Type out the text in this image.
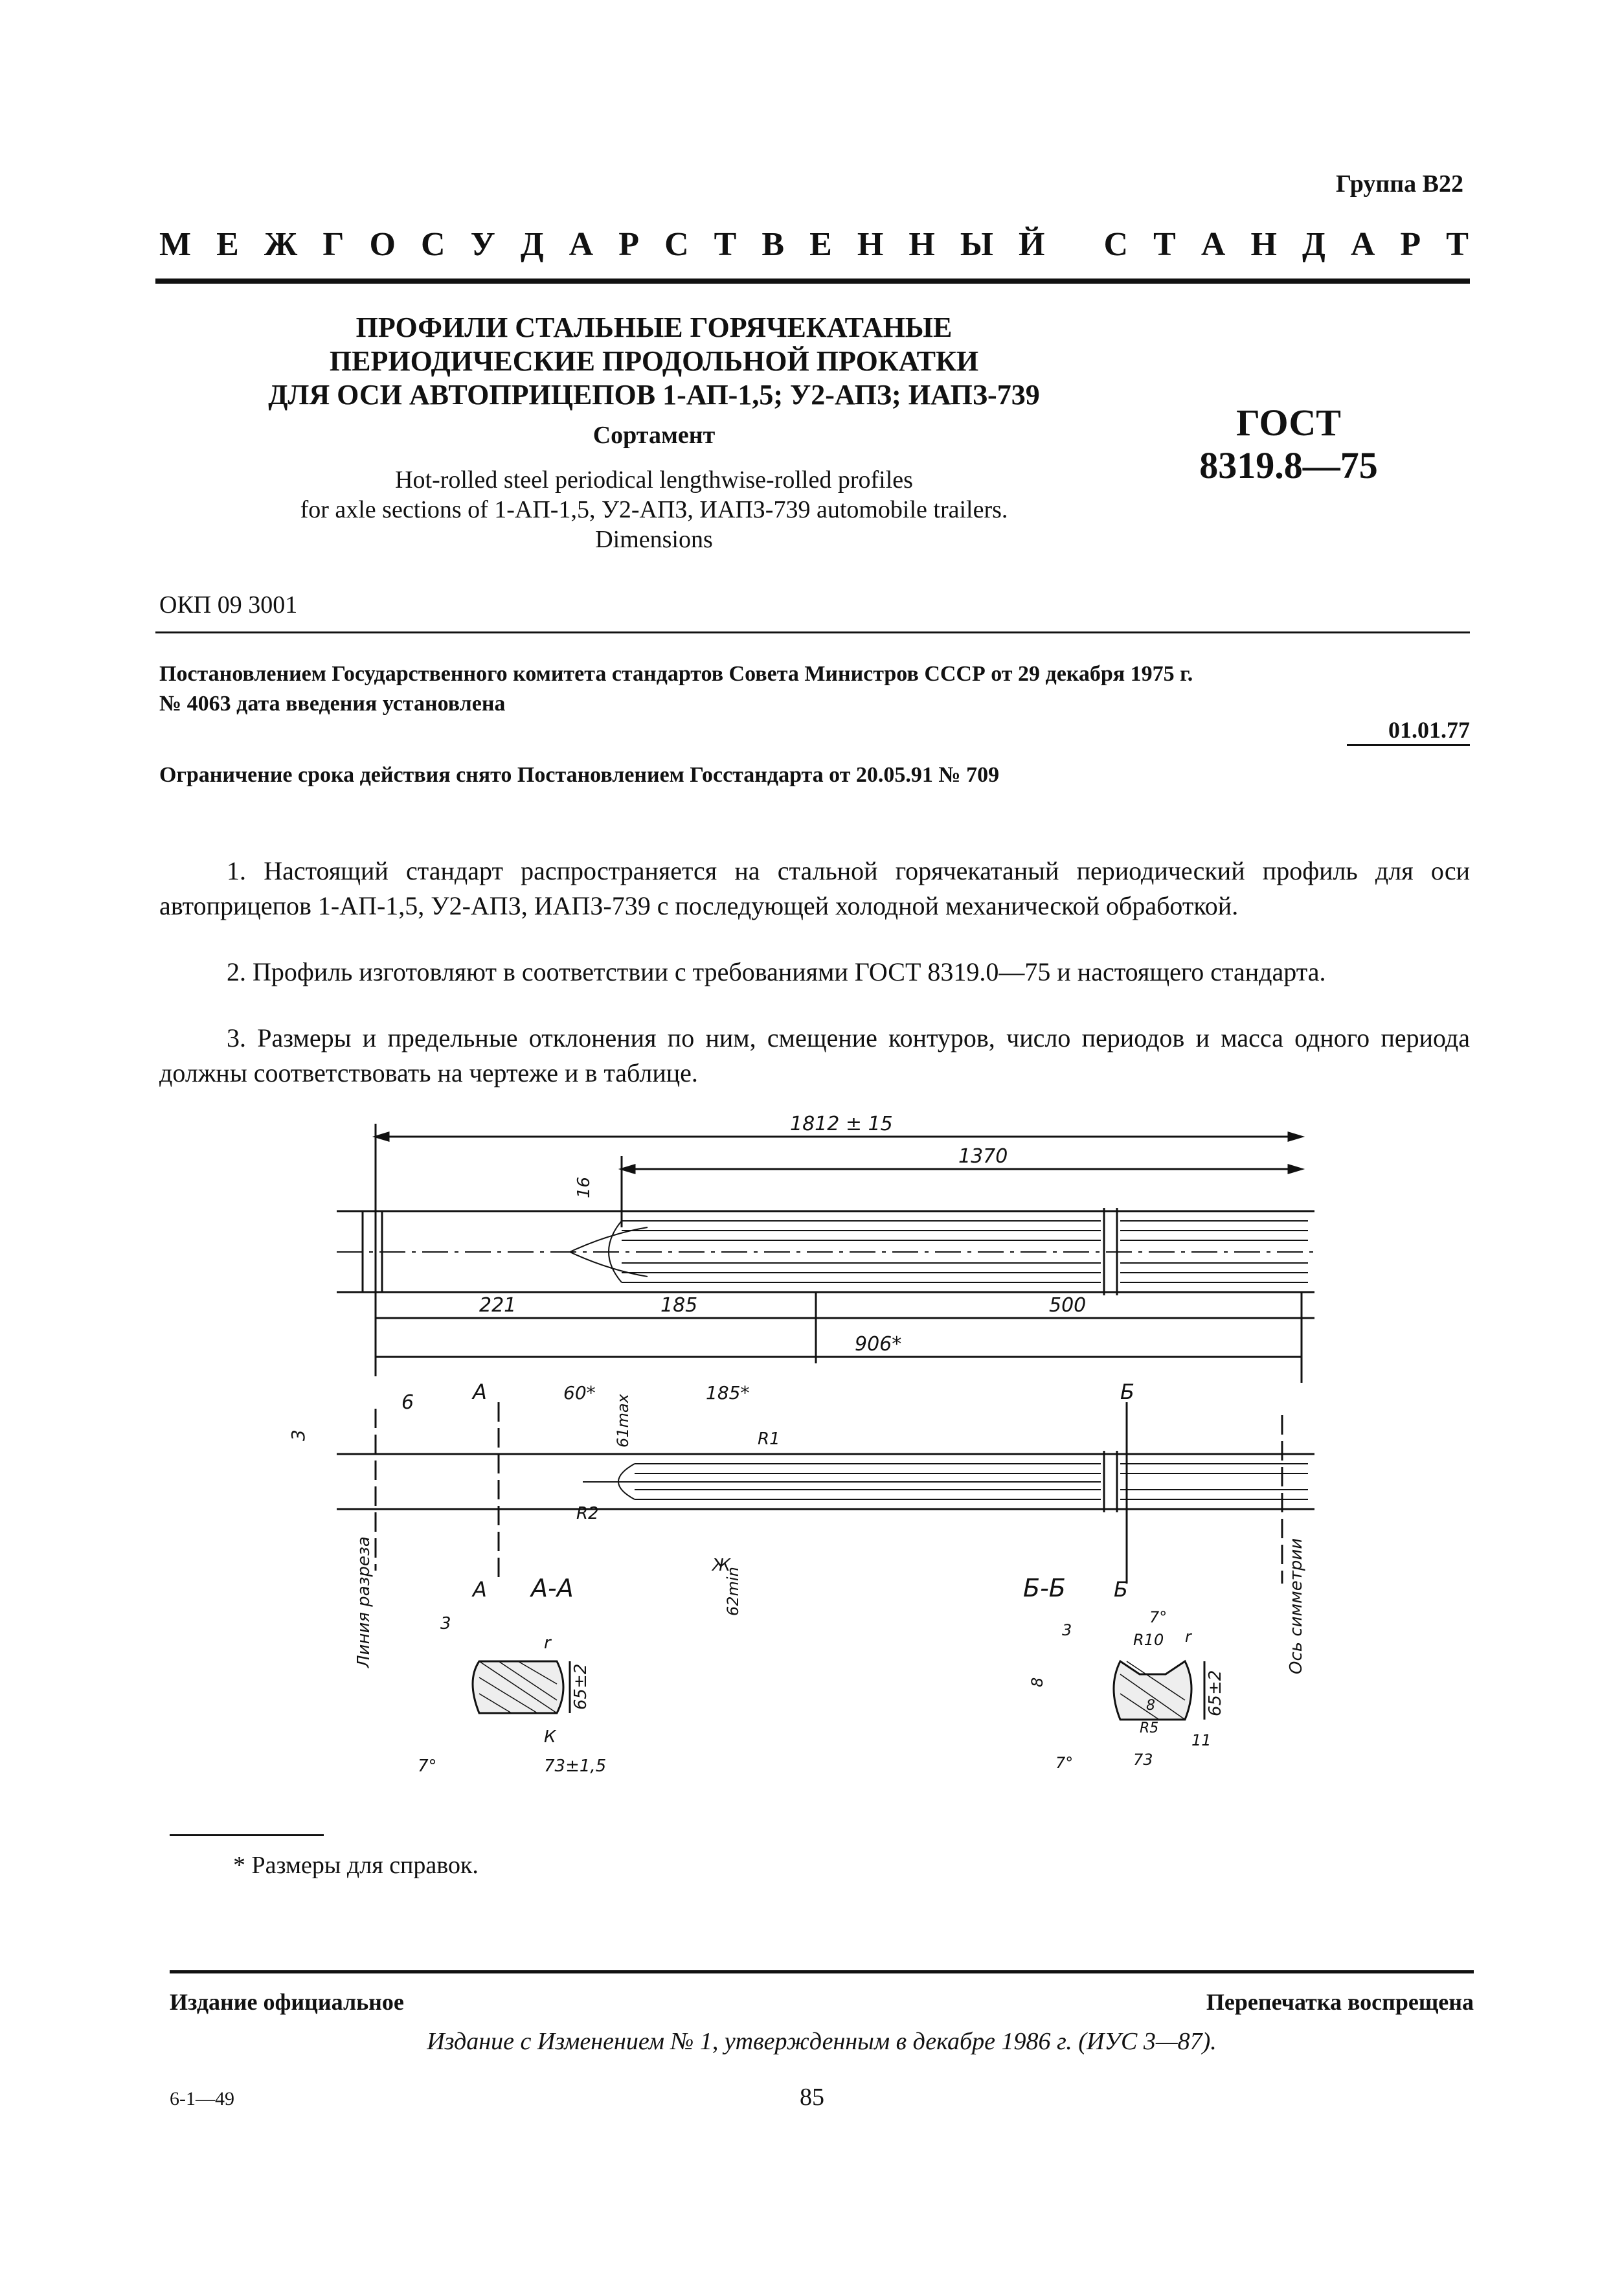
Группа В22
М Е Ж Г О С У Д А Р С Т В Е Н Н Ы Й
С Т А Н Д А Р Т
ПРОФИЛИ СТАЛЬНЫЕ ГОРЯЧЕКАТАНЫЕ
ПЕРИОДИЧЕСКИЕ ПРОДОЛЬНОЙ ПРОКАТКИ
ДЛЯ ОСИ АВТОПРИЦЕПОВ 1-АП-1,5; У2-АПЗ; ИАПЗ-739
Сортамент
Hot-rolled steel periodical lengthwise-rolled profiles
for axle sections of 1-АП-1,5, У2-АПЗ, ИАПЗ-739 automobile trailers.
Dimensions
ГОСТ
8319.8—75
ОКП 09 3001
Постановлением Государственного комитета стандартов Совета Министров СССР от 29 декабря 1975 г.
№ 4063 дата введения установлена
01.01.77
Ограничение срока действия снято Постановлением Госстандарта от 20.05.91 № 709
1. Настоящий стандарт распространяется на стальной горячекатаный периодический профиль для оси автоприцепов 1-АП-1,5, У2-АПЗ, ИАПЗ-739 с последующей холодной механической обработкой.
2. Профиль изготовляют в соответствии с требованиями ГОСТ 8319.0—75 и настоящего стандарта.
3. Размеры и предельные отклонения по ним, смещение контуров, число периодов и масса одного периода должны соответствовать на чертеже и в таблице.
1812 ± 15
1370
16
221	185	500
906*
6
3
А	60*	185*
61max	R1
R2
Ж
62min
Б
А А-А	Б-Б Б
Линия разреза	Ось симметрии
65±2
r
К
73±1,5
7°
3
65±2
7°
R10 r
3
8
8
R5
11
73
7°
* Размеры для справок.
Издание официальное	Перепечатка воспрещена
Издание с Изменением № 1, утвержденным в декабре 1986 г. (ИУС 3—87).
6-1—49	85
